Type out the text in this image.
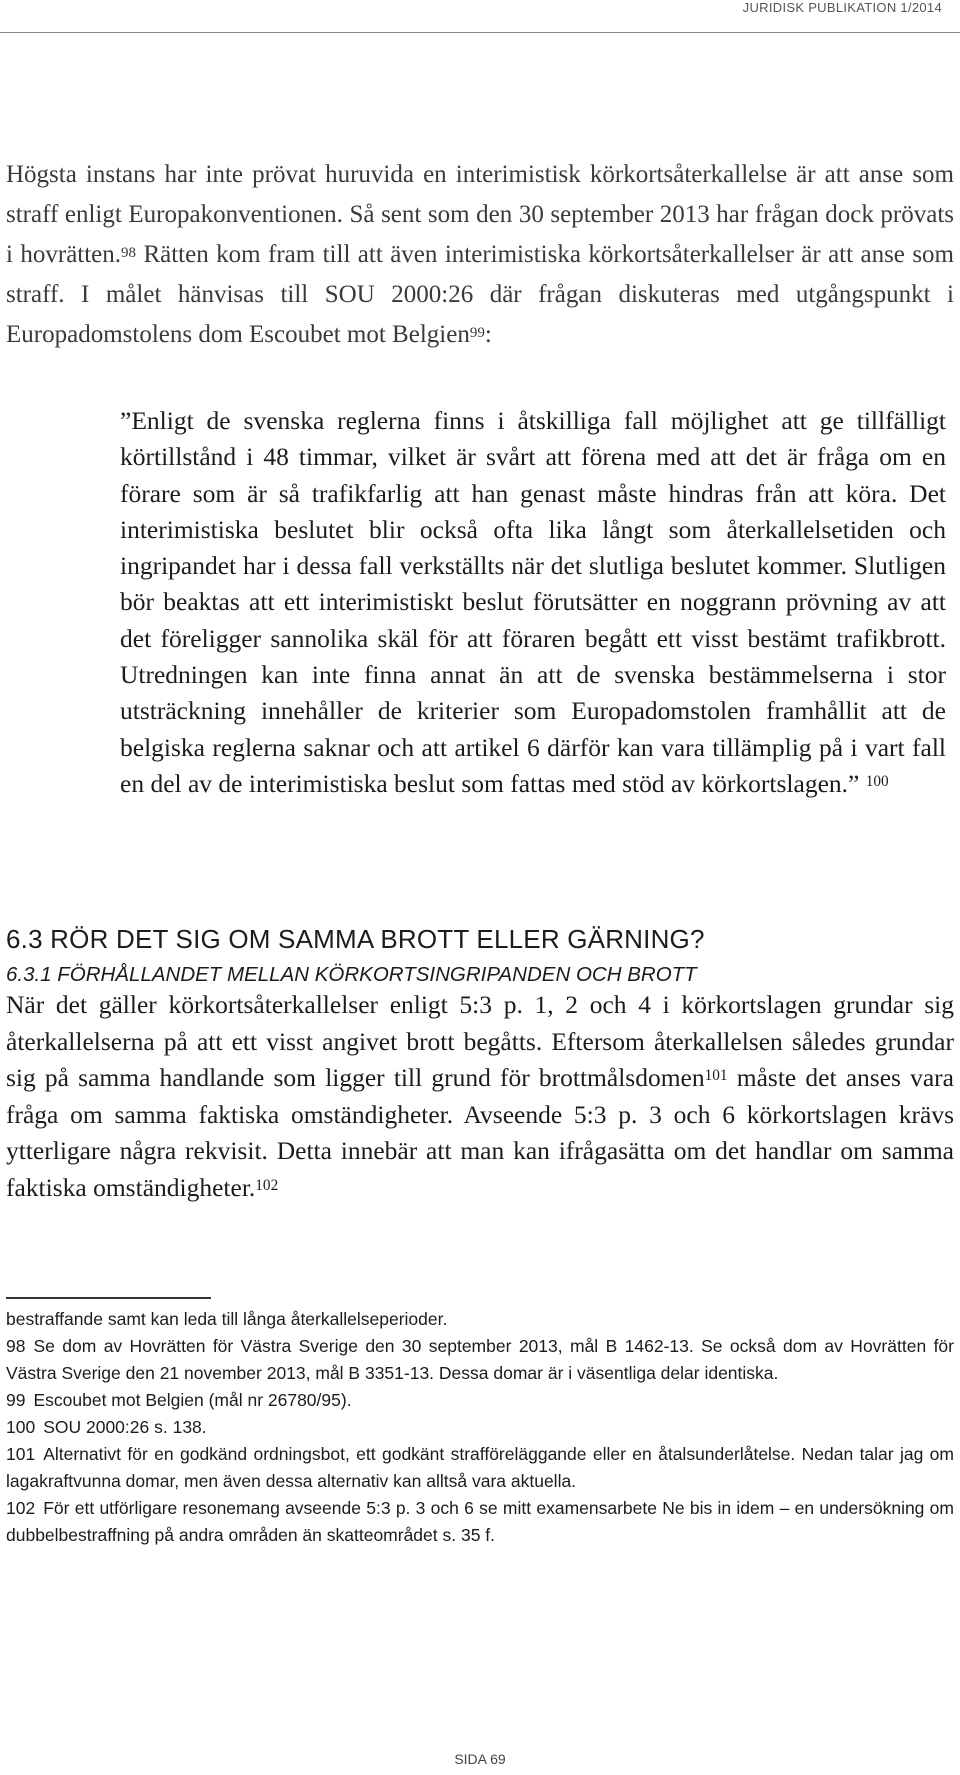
JURIDISK PUBLIKATION 1/2014
Högsta instans har inte prövat huruvida en interimistisk körkortsåterkallelse är att anse som straff enligt Europakonventionen. Så sent som den 30 september 2013 har frågan dock prövats i hovrätten.$^{98}$ Rätten kom fram till att även interimistiska körkortsåterkallelser är att anse som straff. I målet hänvisas till SOU 2000:26 där frågan diskuteras med utgångspunkt i Europadomstolens dom Escoubet mot Belgien$^{99}$:
”Enligt de svenska reglerna finns i åtskilliga fall möjlighet att ge tillfälligt körtillstånd i 48 timmar, vilket är svårt att förena med att det är fråga om en förare som är så trafikfarlig att han genast måste hindras från att köra. Det interimistiska beslutet blir också ofta lika långt som återkallelsetiden och ingripandet har i dessa fall verkställts när det slutliga beslutet kommer. Slutligen bör beaktas att ett interimistiskt beslut förutsätter en noggrann prövning av att det föreligger sannolika skäl för att föraren begått ett visst bestämt trafikbrott. Utredningen kan inte finna annat än att de svenska bestämmelserna i stor utsträckning innehåller de kriterier som Europadomstolen framhållit att de belgiska reglerna saknar och att artikel 6 därför kan vara tillämplig på i vart fall en del av de interimistiska beslut som fattas med stöd av körkortslagen.” $^{100}$
6.3 RÖR DET SIG OM SAMMA BROTT ELLER GÄRNING?
6.3.1 FÖRHÅLLANDET MELLAN KÖRKORTSINGRIPANDEN OCH BROTT
När det gäller körkortsåterkallelser enligt 5:3 p. 1, 2 och 4 i körkortslagen grundar sig återkallelserna på att ett visst angivet brott begåtts. Eftersom återkallelsen således grundar sig på samma handlande som ligger till grund för brottmålsdomen$^{101}$ måste det anses vara fråga om samma faktiska omständigheter. Avseende 5:3 p. 3 och 6 körkortslagen krävs ytterligare några rekvisit. Detta innebär att man kan ifrågasätta om det handlar om samma faktiska omständigheter.$^{102}$

bestraffande samt kan leda till långa återkallelseperioder.

98 Se dom av Hovrätten för Västra Sverige den 30 september 2013, mål B 1462-13. Se också dom av Hovrätten för Västra Sverige den 21 november 2013, mål B 3351-13. Dessa domar är i väsentliga delar identiska.

99 Escoubet mot Belgien (mål nr 26780/95).

100 SOU 2000:26 s. 138.

101 Alternativt för en godkänd ordningsbot, ett godkänt strafföreläggande eller en åtalsunderlåtelse. Nedan talar jag om lagakraftvunna domar, men även dessa alternativ kan alltså vara aktuella.

102 För ett utförligare resonemang avseende 5:3 p. 3 och 6 se mitt examensarbete Ne bis in idem – en undersökning om dubbelbestraffning på andra områden än skatteområdet s. 35 f.

SIDA 69
